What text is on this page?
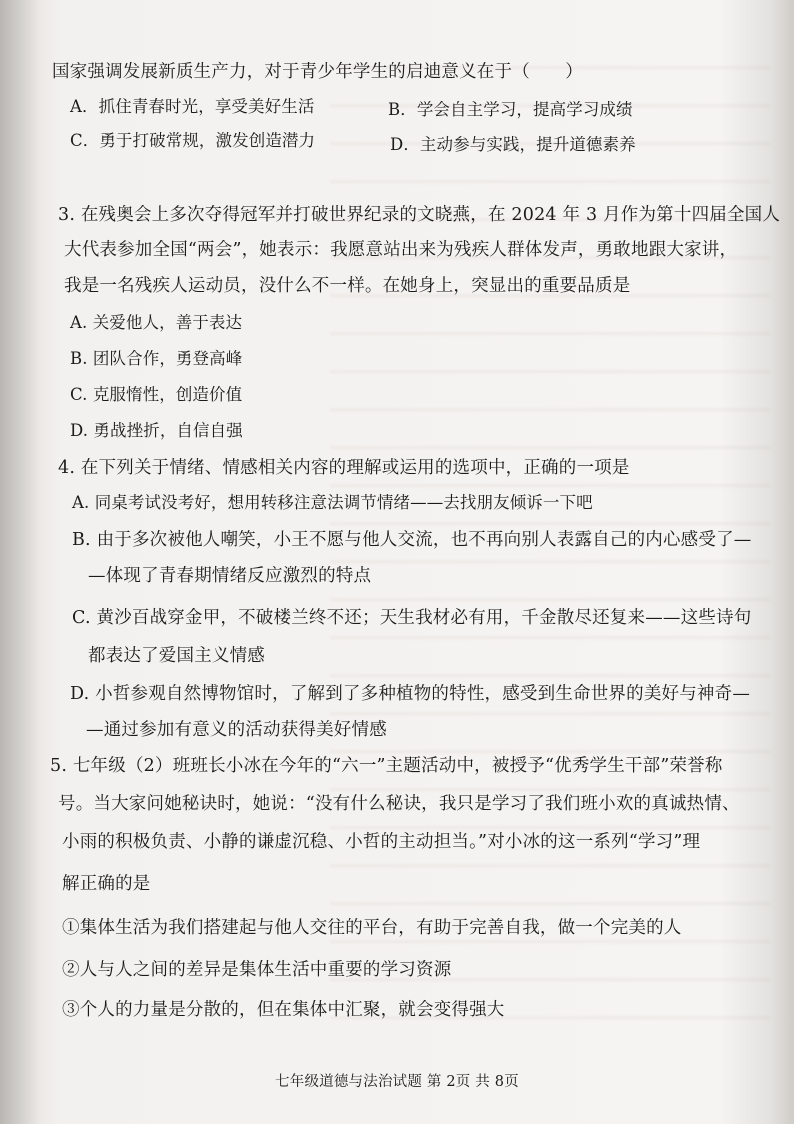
国家强调发展新质生产力，对于青少年学生的启迪意义在于（　　）
A．抓住青春时光，享受美好生活	B．学会自主学习，提高学习成绩
C．勇于打破常规，激发创造潜力	D．主动参与实践，提升道德素养
3. 在残奥会上多次夺得冠军并打破世界纪录的文晓燕，在 2024 年 3 月作为第十四届全国人
大代表参加全国“两会”，她表示：我愿意站出来为残疾人群体发声，勇敢地跟大家讲，
我是一名残疾人运动员，没什么不一样。在她身上，突显出的重要品质是
A. 关爱他人，善于表达
B. 团队合作，勇登高峰
C. 克服惰性，创造价值
D. 勇战挫折，自信自强
4. 在下列关于情绪、情感相关内容的理解或运用的选项中，正确的一项是
A. 同桌考试没考好，想用转移注意法调节情绪——去找朋友倾诉一下吧
B. 由于多次被他人嘲笑，小王不愿与他人交流，也不再向别人表露自己的内心感受了—
—体现了青春期情绪反应激烈的特点
C. 黄沙百战穿金甲，不破楼兰终不还；天生我材必有用，千金散尽还复来——这些诗句
都表达了爱国主义情感
D. 小哲参观自然博物馆时，了解到了多种植物的特性，感受到生命世界的美好与神奇—
—通过参加有意义的活动获得美好情感
5. 七年级（2）班班长小冰在今年的“六一”主题活动中，被授予“优秀学生干部”荣誉称
号。当大家问她秘诀时，她说：“没有什么秘诀，我只是学习了我们班小欢的真诚热情、
小雨的积极负责、小静的谦虚沉稳、小哲的主动担当。”对小冰的这一系列“学习”理
解正确的是
①集体生活为我们搭建起与他人交往的平台，有助于完善自我，做一个完美的人
②人与人之间的差异是集体生活中重要的学习资源
③个人的力量是分散的，但在集体中汇聚，就会变得强大
七年级道德与法治试题 第 2页 共 8页
